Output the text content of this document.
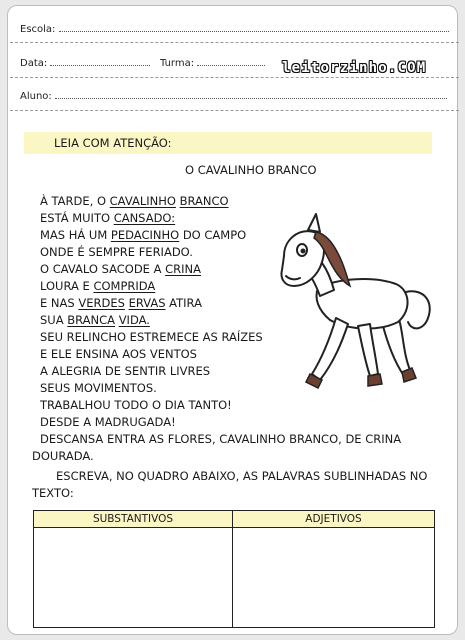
Escola:
Data:	Turma:	leitorzinho.COM
Aluno:
LEIA COM ATENÇÃO:
O CAVALINHO BRANCO
À TARDE, O CAVALINHO BRANCO
ESTÁ MUITO CANSADO:
MAS HÁ UM PEDACINHO DO CAMPO
ONDE É SEMPRE FERIADO.
O CAVALO SACODE A CRINA
LOURA E COMPRIDA
E NAS VERDES ERVAS ATIRA
SUA BRANCA VIDA.
SEU RELINCHO ESTREMECE AS RAÍZES
E ELE ENSINA AOS VENTOS
A ALEGRIA DE SENTIR LIVRES
SEUS MOVIMENTOS.
TRABALHOU TODO O DIA TANTO!
DESDE A MADRUGADA!
DESCANSA ENTRA AS FLORES, CAVALINHO BRANCO, DE CRINA
DOURADA.
ESCREVA, NO QUADRO ABAIXO, AS PALAVRAS SUBLINHADAS NO TEXTO:
SUBSTANTIVOS	ADJETIVOS
